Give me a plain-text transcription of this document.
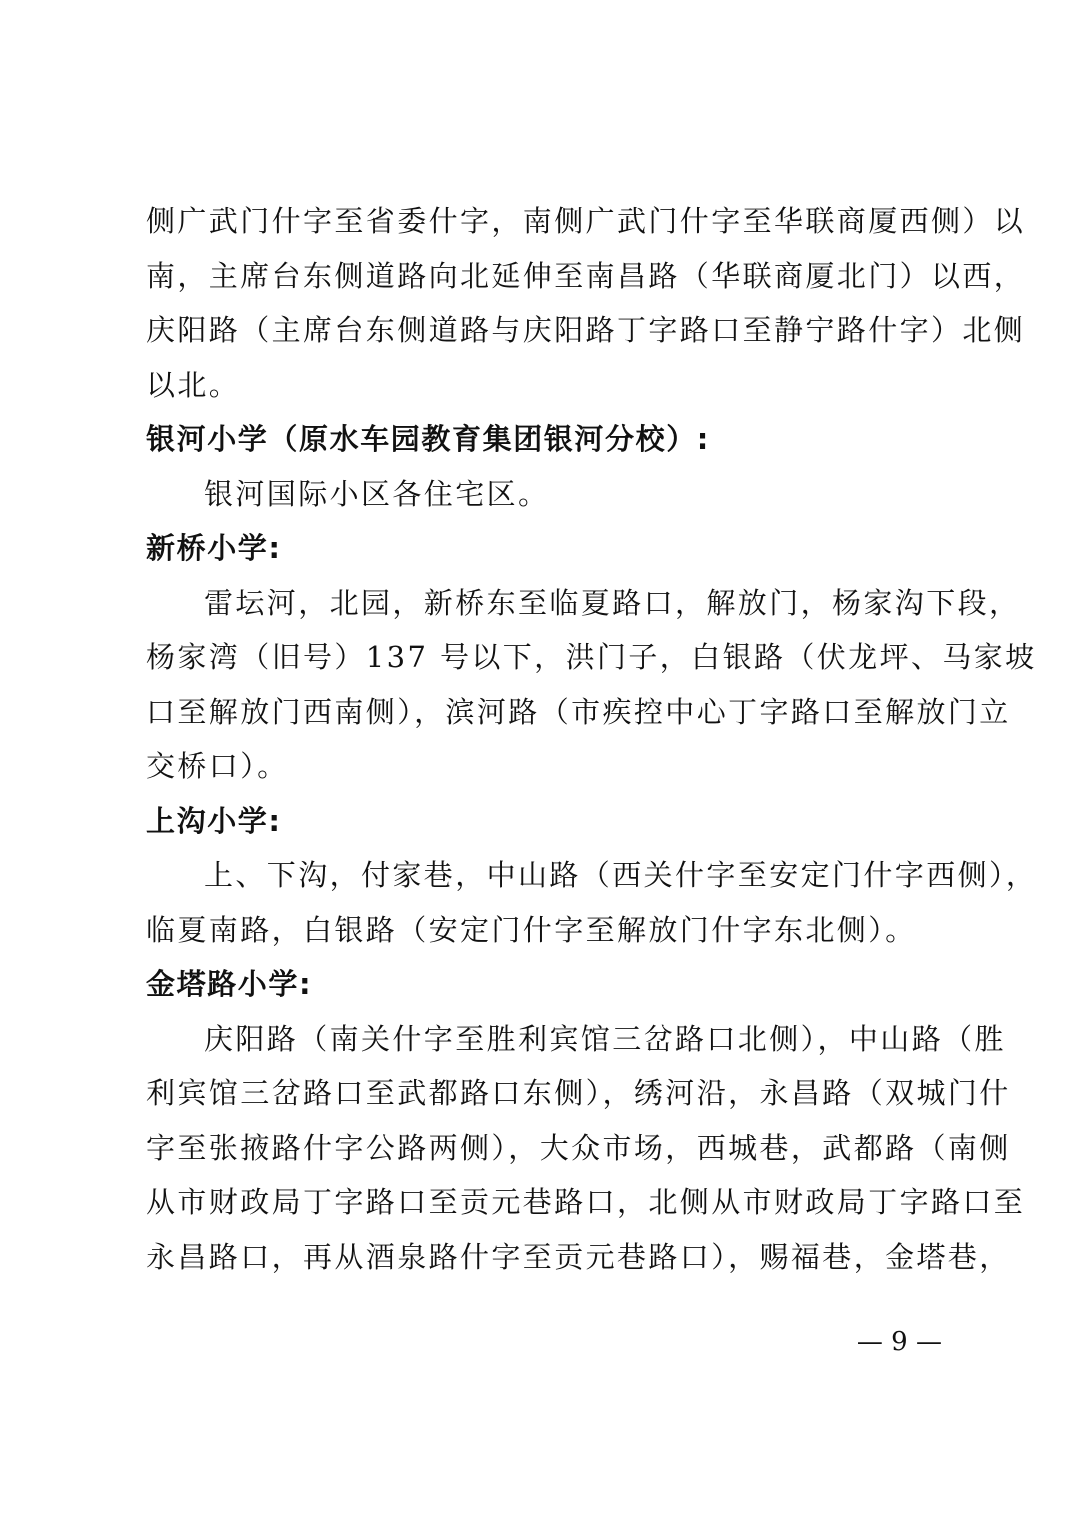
侧广武门什字至省委什字，南侧广武门什字至华联商厦西侧）以
南，主席台东侧道路向北延伸至南昌路（华联商厦北门）以西，
庆阳路（主席台东侧道路与庆阳路丁字路口至静宁路什字）北侧
以北。
银河小学（原水车园教育集团银河分校）:
银河国际小区各住宅区。
新桥小学:
雷坛河，北园，新桥东至临夏路口，解放门，杨家沟下段，
杨家湾（旧号）137 号以下，洪门子，白银路（伏龙坪、马家坡
口至解放门西南侧），滨河路（市疾控中心丁字路口至解放门立
交桥口）。
上沟小学:
上、下沟，付家巷，中山路（西关什字至安定门什字西侧），
临夏南路，白银路（安定门什字至解放门什字东北侧）。
金塔路小学:
庆阳路（南关什字至胜利宾馆三岔路口北侧），中山路（胜
利宾馆三岔路口至武都路口东侧），绣河沿，永昌路（双城门什
字至张掖路什字公路两侧），大众市场，西城巷，武都路（南侧
从市财政局丁字路口至贡元巷路口，北侧从市财政局丁字路口至
永昌路口，再从酒泉路什字至贡元巷路口），赐福巷，金塔巷，
— 9 —
